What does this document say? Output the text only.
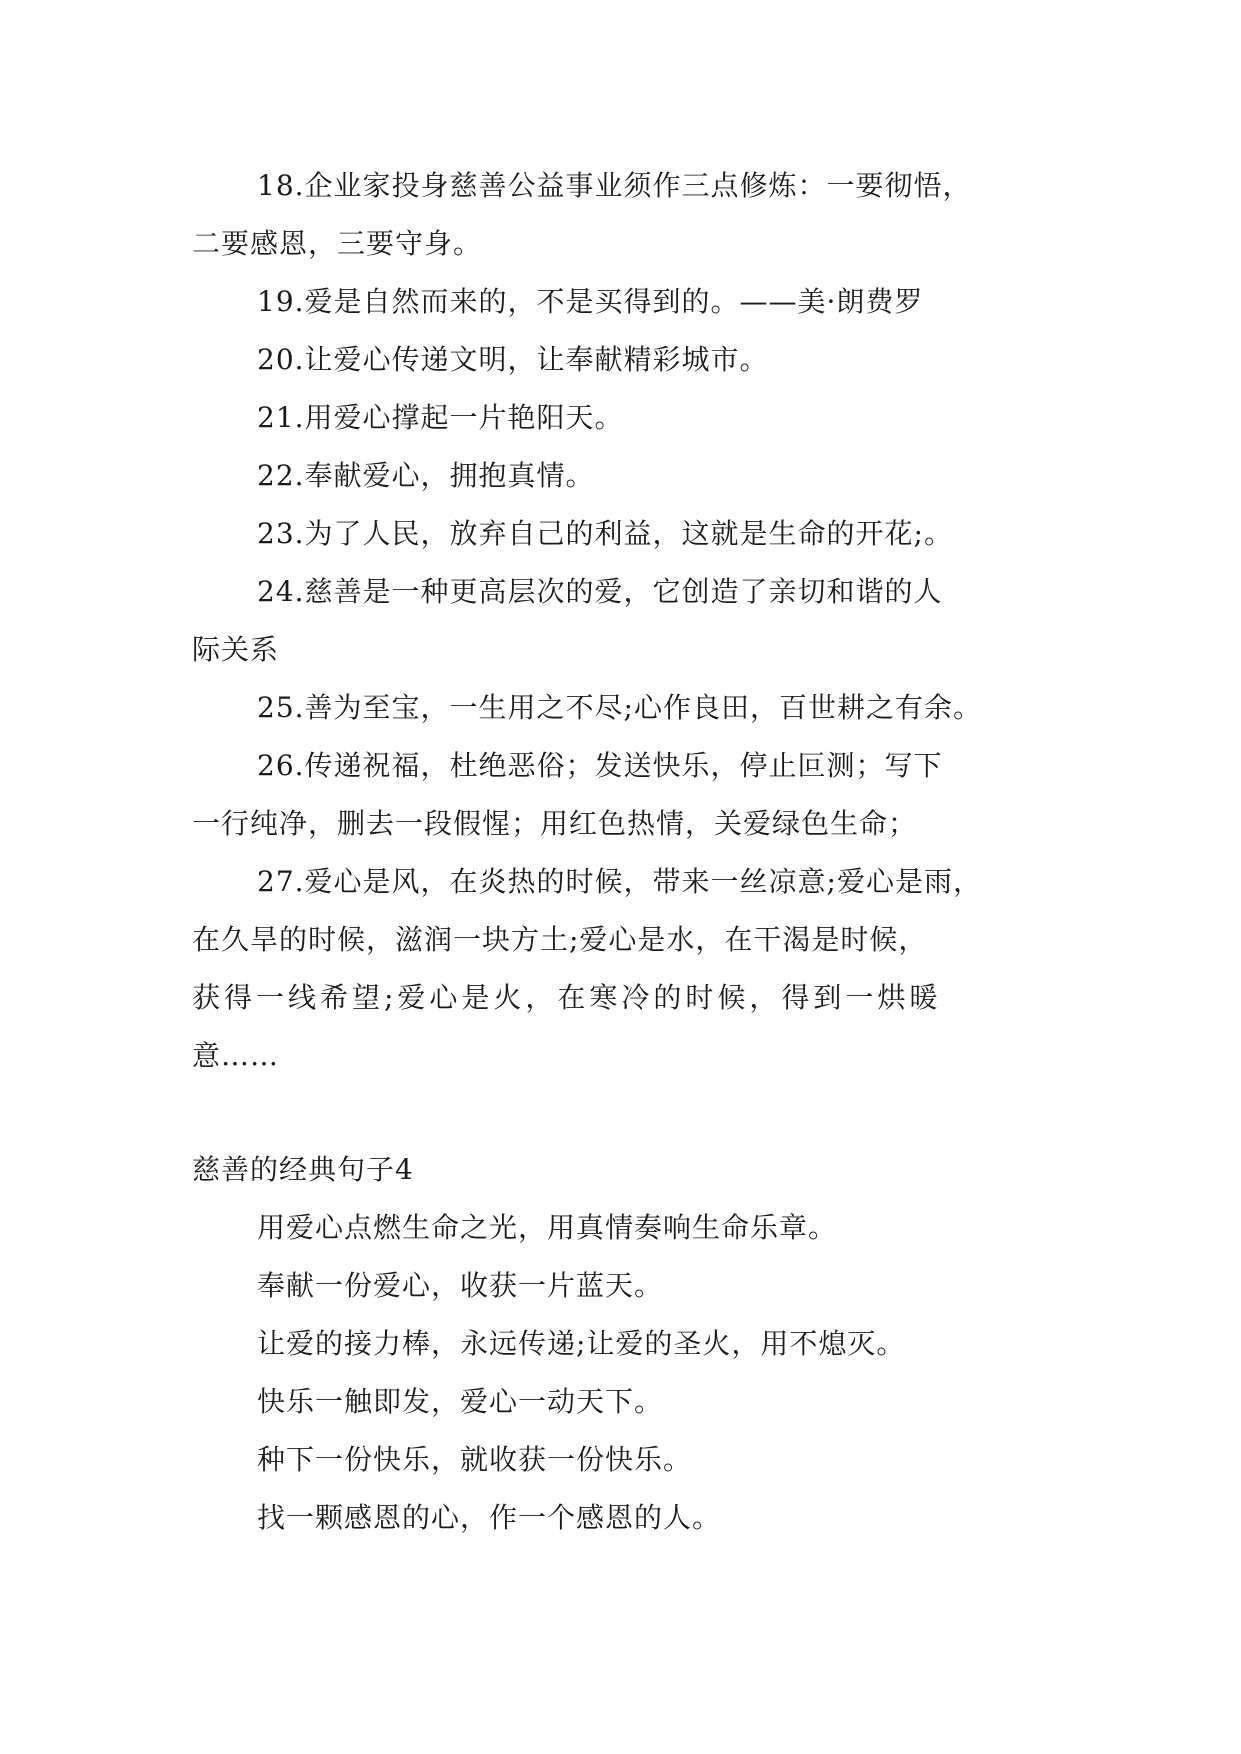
18.企业家投身慈善公益事业须作三点修炼：一要彻悟，
二要感恩，三要守身。
19.爱是自然而来的，不是买得到的。——美·朗费罗
20.让爱心传递文明，让奉献精彩城市。
21.用爱心撑起一片艳阳天。
22.奉献爱心，拥抱真情。
23.为了人民，放弃自己的利益，这就是生命的开花;。
24.慈善是一种更高层次的爱，它创造了亲切和谐的人
际关系
25.善为至宝，一生用之不尽;心作良田，百世耕之有余。
26.传递祝福，杜绝恶俗；发送快乐，停止叵测；写下
一行纯净，删去一段假惺；用红色热情，关爱绿色生命；
27.爱心是风，在炎热的时候，带来一丝凉意;爱心是雨，
在久旱的时候，滋润一块方土;爱心是水，在干渴是时候，
获得一线希望;爱心是火，在寒冷的时候，得到一烘暖
意……
慈善的经典句子4
用爱心点燃生命之光，用真情奏响生命乐章。
奉献一份爱心，收获一片蓝天。
让爱的接力棒，永远传递;让爱的圣火，用不熄灭。
快乐一触即发，爱心一动天下。
种下一份快乐，就收获一份快乐。
找一颗感恩的心，作一个感恩的人。
